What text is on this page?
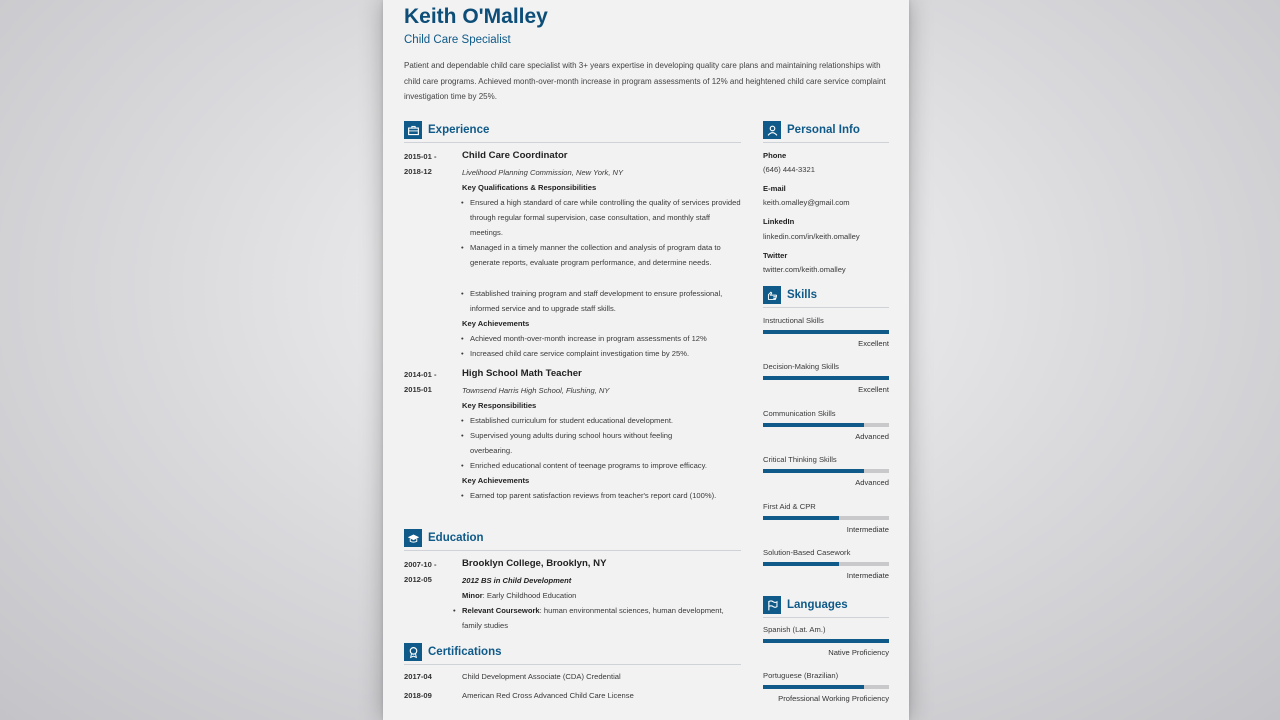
Keith O'Malley
Child Care Specialist
Patient and dependable child care specialist with 3+ years expertise in developing quality care plans and maintaining relationships with child care programs. Achieved month-over-month increase in program assessments of 12% and heightened child care service complaint investigation time by 25%.
Experience
2015-01 -
2018-12
Child Care Coordinator
Livelihood Planning Commission, New York, NY
Key Qualifications & Responsibilities
• Ensured a high standard of care while controlling the quality of services provided through regular formal supervision, case consultation, and monthly staff meetings.
• Managed in a timely manner the collection and analysis of program data to generate reports, evaluate program performance, and determine needs.
• Established training program and staff development to ensure professional, informed service and to upgrade staff skills.
Key Achievements
• Achieved month-over-month increase in program assessments of 12%
• Increased child care service complaint investigation time by 25%.
2014-01 -
2015-01
High School Math Teacher
Townsend Harris High School, Flushing, NY
Key Responsibilities
• Established curriculum for student educational development.
• Supervised young adults during school hours without feeling overbearing.
• Enriched educational content of teenage programs to improve efficacy.
Key Achievements
• Earned top parent satisfaction reviews from teacher's report card (100%).
Education
2007-10 -
2012-05
Brooklyn College, Brooklyn, NY
2012 BS in Child Development
Minor: Early Childhood Education
• Relevant Coursework: human environmental sciences, human development, family studies
Certifications
2017-04	Child Development Associate (CDA) Credential
2018-09	American Red Cross Advanced Child Care License
Personal Info
Phone
(646) 444-3321
E-mail
keith.omalley@gmail.com
LinkedIn
linkedin.com/in/keith.omalley
Twitter
twitter.com/keith.omalley
Skills
Instructional Skills
Excellent
Decision-Making Skills
Excellent
Communication Skills
Advanced
Critical Thinking Skills
Advanced
First Aid & CPR
Intermediate
Solution-Based Casework
Intermediate
Languages
Spanish (Lat. Am.)
Native Proficiency
Portuguese (Brazilian)
Professional Working Proficiency
